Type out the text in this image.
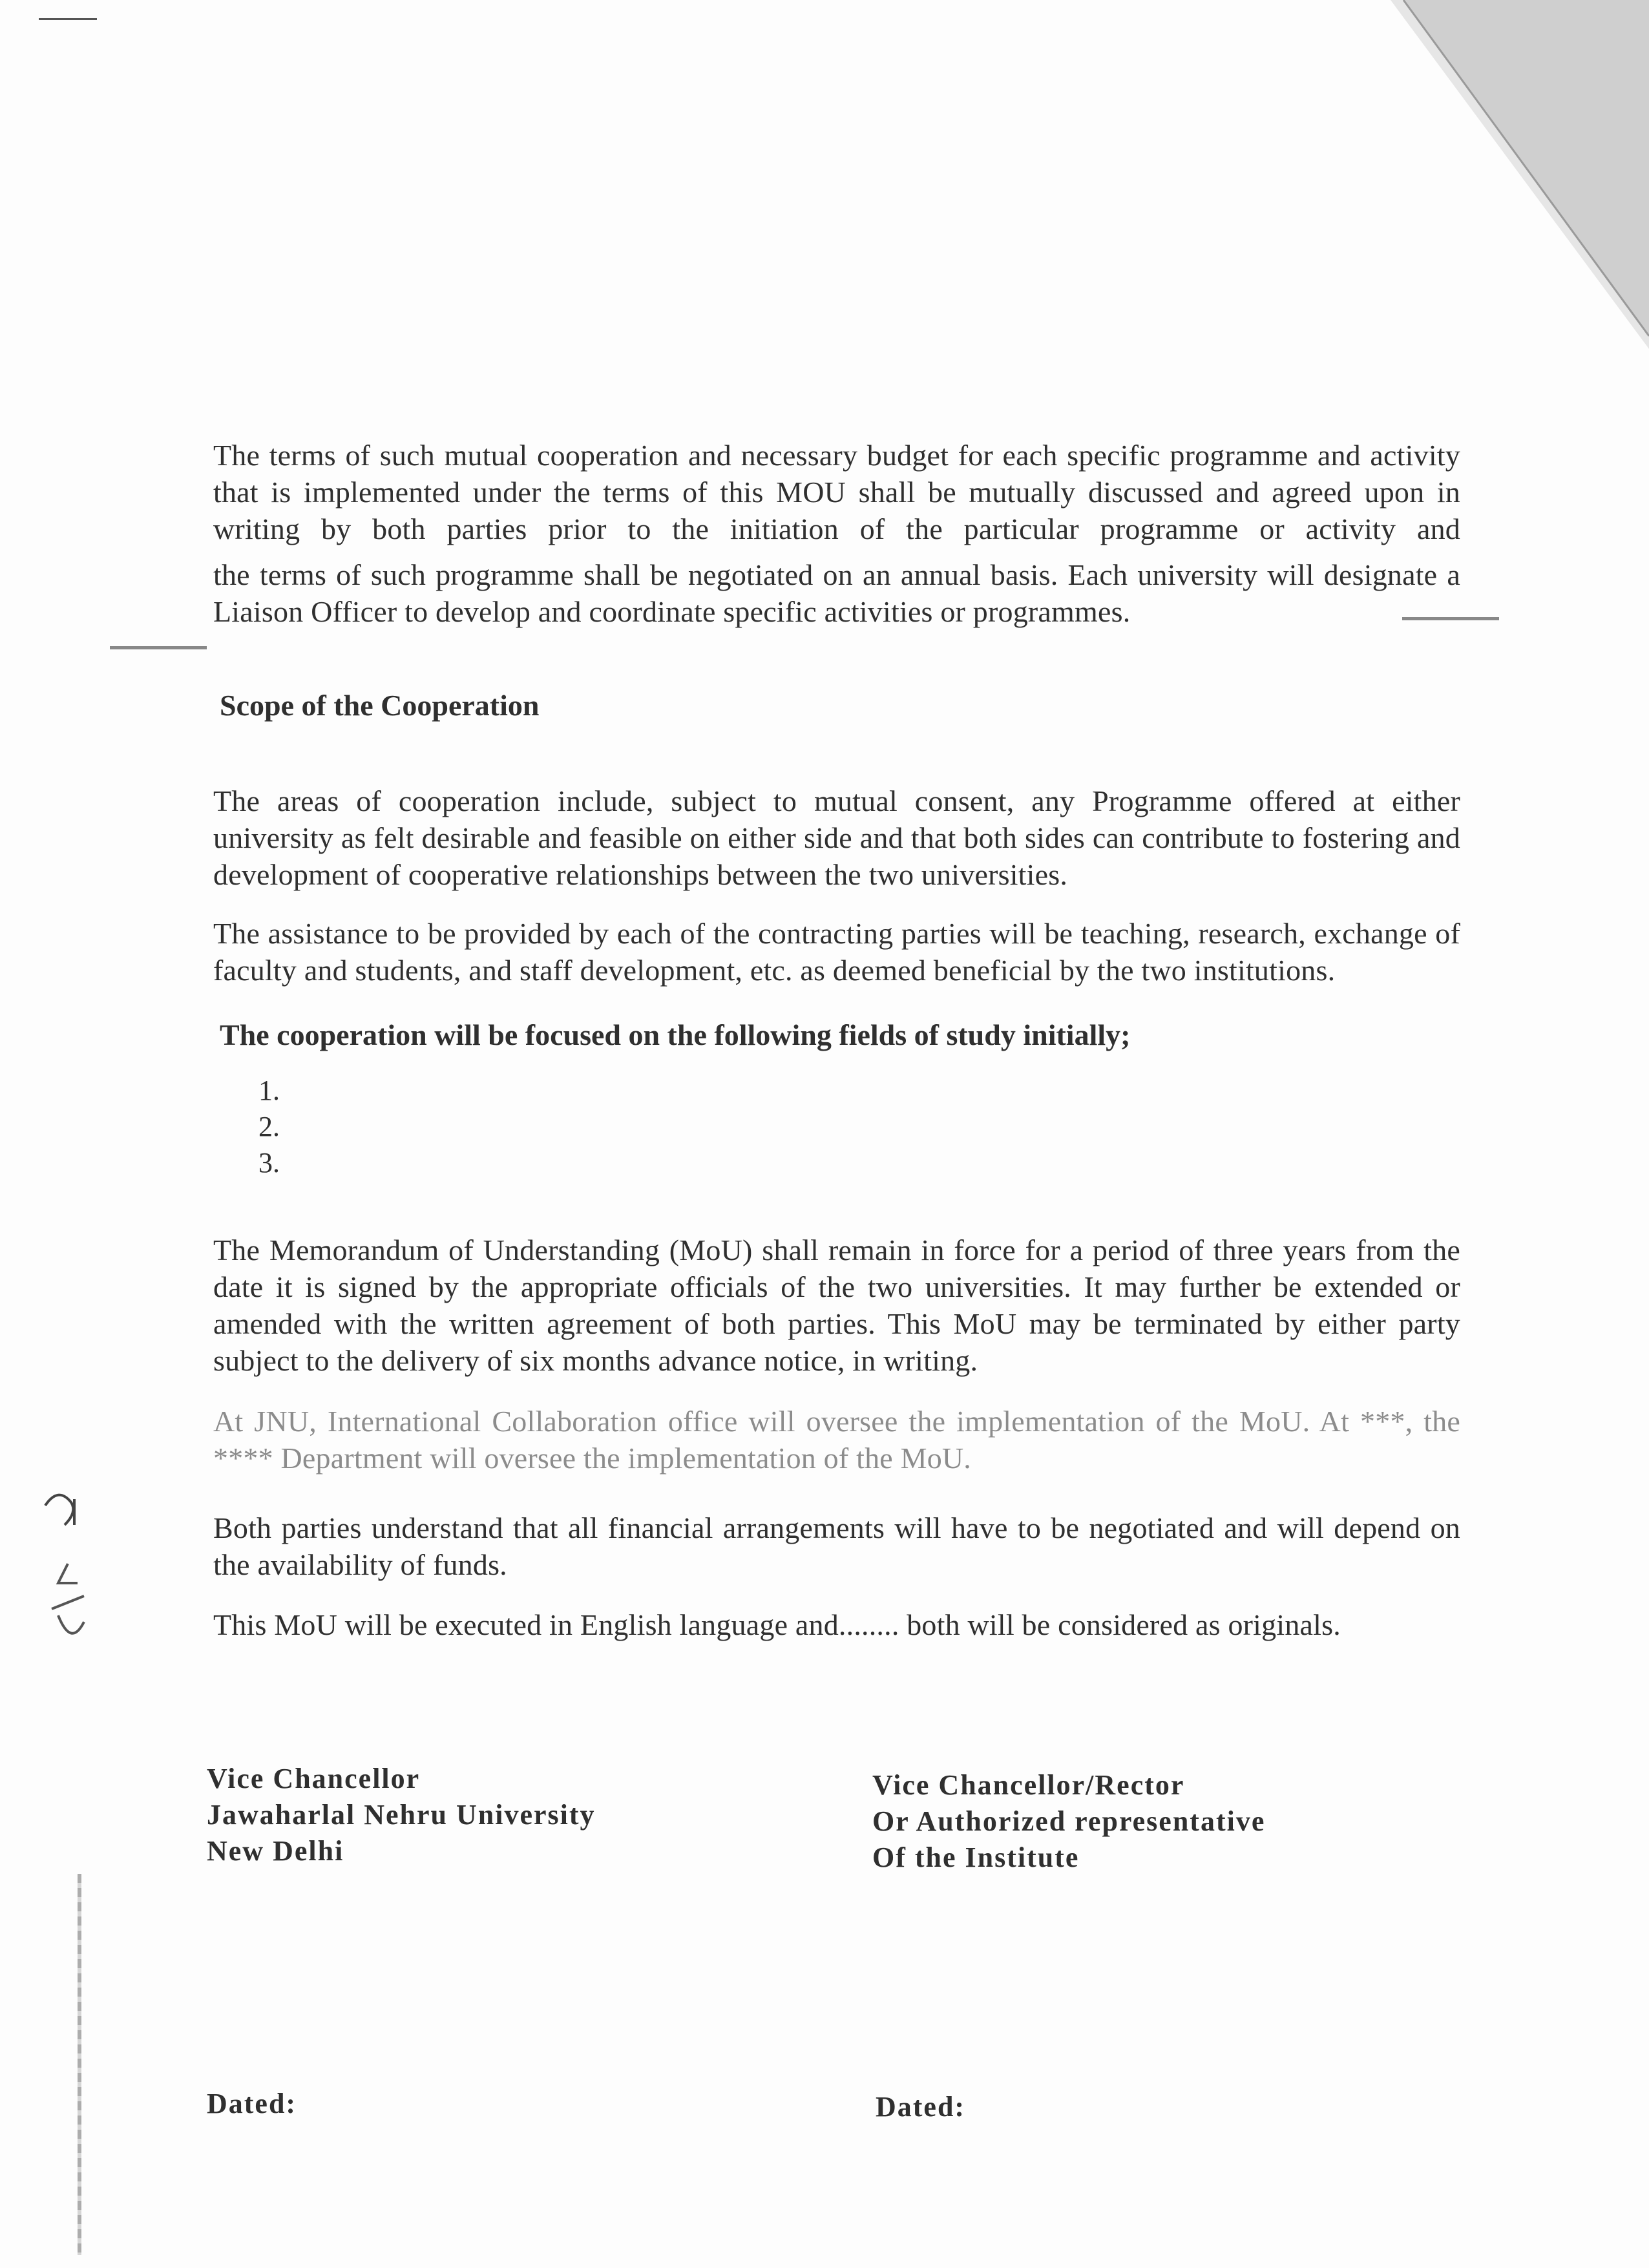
The terms of such mutual cooperation and necessary budget for each specific programme and activity that is implemented under the terms of this MOU shall be mutually discussed and agreed upon in writing by both parties prior to the initiation of the particular programme or activity and

the terms of such programme shall be negotiated on an annual basis. Each university will designate a Liaison Officer to develop and coordinate specific activities or programmes.

Scope of the Cooperation

The areas of cooperation include, subject to mutual consent, any Programme offered at either university as felt desirable and feasible on either side and that both sides can contribute to fostering and development of cooperative relationships between the two universities.

The assistance to be provided by each of the contracting parties will be teaching, research, exchange of faculty and students, and staff development, etc. as deemed beneficial by the two institutions.

The cooperation will be focused on the following fields of study initially;
1.
2.
3.

The Memorandum of Understanding (MoU) shall remain in force for a period of three years from the date it is signed by the appropriate officials of the two universities. It may further be extended or amended with the written agreement of both parties. This MoU may be terminated by either party subject to the delivery of six months advance notice, in writing.

At JNU, International Collaboration office will oversee the implementation of the MoU. At ***, the **** Department will oversee the implementation of the MoU.

Both parties understand that all financial arrangements will have to be negotiated and will depend on the availability of funds.

This MoU will be executed in English language and........ both will be considered as originals.

Vice Chancellor
Jawaharlal Nehru University
New Delhi
Vice Chancellor/Rector
Or Authorized representative
Of the Institute
Dated:	Dated:
